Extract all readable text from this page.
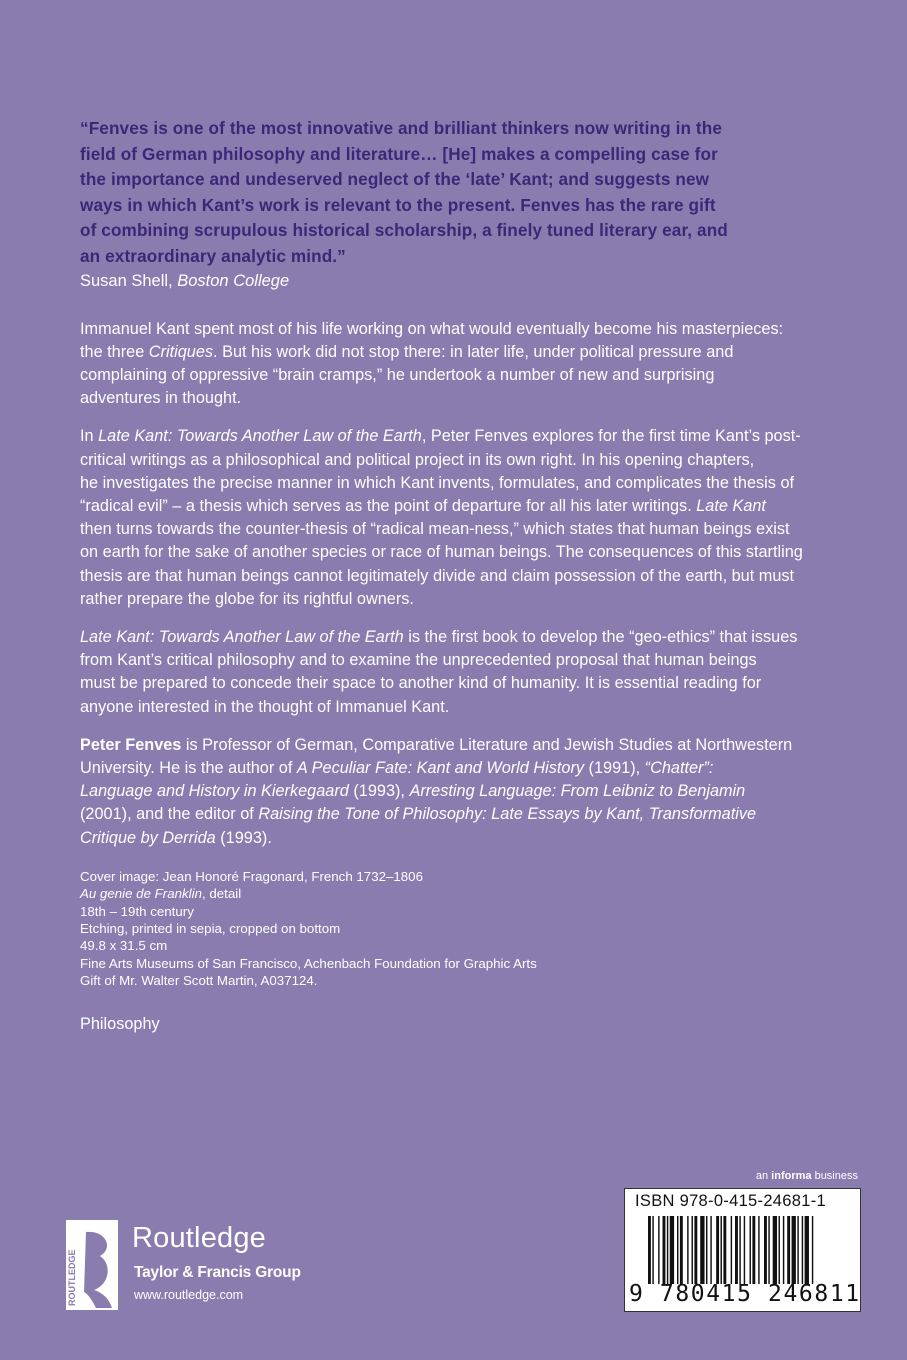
“Fenves is one of the most innovative and brilliant thinkers now writing in the
field of German philosophy and literature… [He] makes a compelling case for
the importance and undeserved neglect of the ‘late’ Kant; and suggests new
ways in which Kant’s work is relevant to the present. Fenves has the rare gift
of combining scrupulous historical scholarship, a finely tuned literary ear, and
an extraordinary analytic mind.”

Susan Shell, Boston College

Immanuel Kant spent most of his life working on what would eventually become his masterpieces:
the three Critiques. But his work did not stop there: in later life, under political pressure and
complaining of oppressive “brain cramps,” he undertook a number of new and surprising
adventures in thought.

In Late Kant: Towards Another Law of the Earth, Peter Fenves explores for the first time Kant’s post-
critical writings as a philosophical and political project in its own right. In his opening chapters,
he investigates the precise manner in which Kant invents, formulates, and complicates the thesis of
“radical evil” – a thesis which serves as the point of departure for all his later writings. Late Kant
then turns towards the counter-thesis of “radical mean-ness,” which states that human beings exist
on earth for the sake of another species or race of human beings. The consequences of this startling
thesis are that human beings cannot legitimately divide and claim possession of the earth, but must
rather prepare the globe for its rightful owners.

Late Kant: Towards Another Law of the Earth is the first book to develop the “geo-ethics” that issues
from Kant’s critical philosophy and to examine the unprecedented proposal that human beings
must be prepared to concede their space to another kind of humanity. It is essential reading for
anyone interested in the thought of Immanuel Kant.

Peter Fenves is Professor of German, Comparative Literature and Jewish Studies at Northwestern
University. He is the author of A Peculiar Fate: Kant and World History (1991), “Chatter”:
Language and History in Kierkegaard (1993), Arresting Language: From Leibniz to Benjamin
(2001), and the editor of Raising the Tone of Philosophy: Late Essays by Kant, Transformative
Critique by Derrida (1993).

Cover image: Jean Honoré Fragonard, French 1732–1806
Au genie de Franklin, detail
18th – 19th century
Etching, printed in sepia, cropped on bottom
49.8 x 31.5 cm
Fine Arts Museums of San Francisco, Achenbach Foundation for Graphic Arts
Gift of Mr. Walter Scott Martin, A037124.
Philosophy
ROUTLEDGE
Routledge
Taylor & Francis Group
www.routledge.com
an informa business
ISBN 978-0-415-24681-1
9 780415 246811
